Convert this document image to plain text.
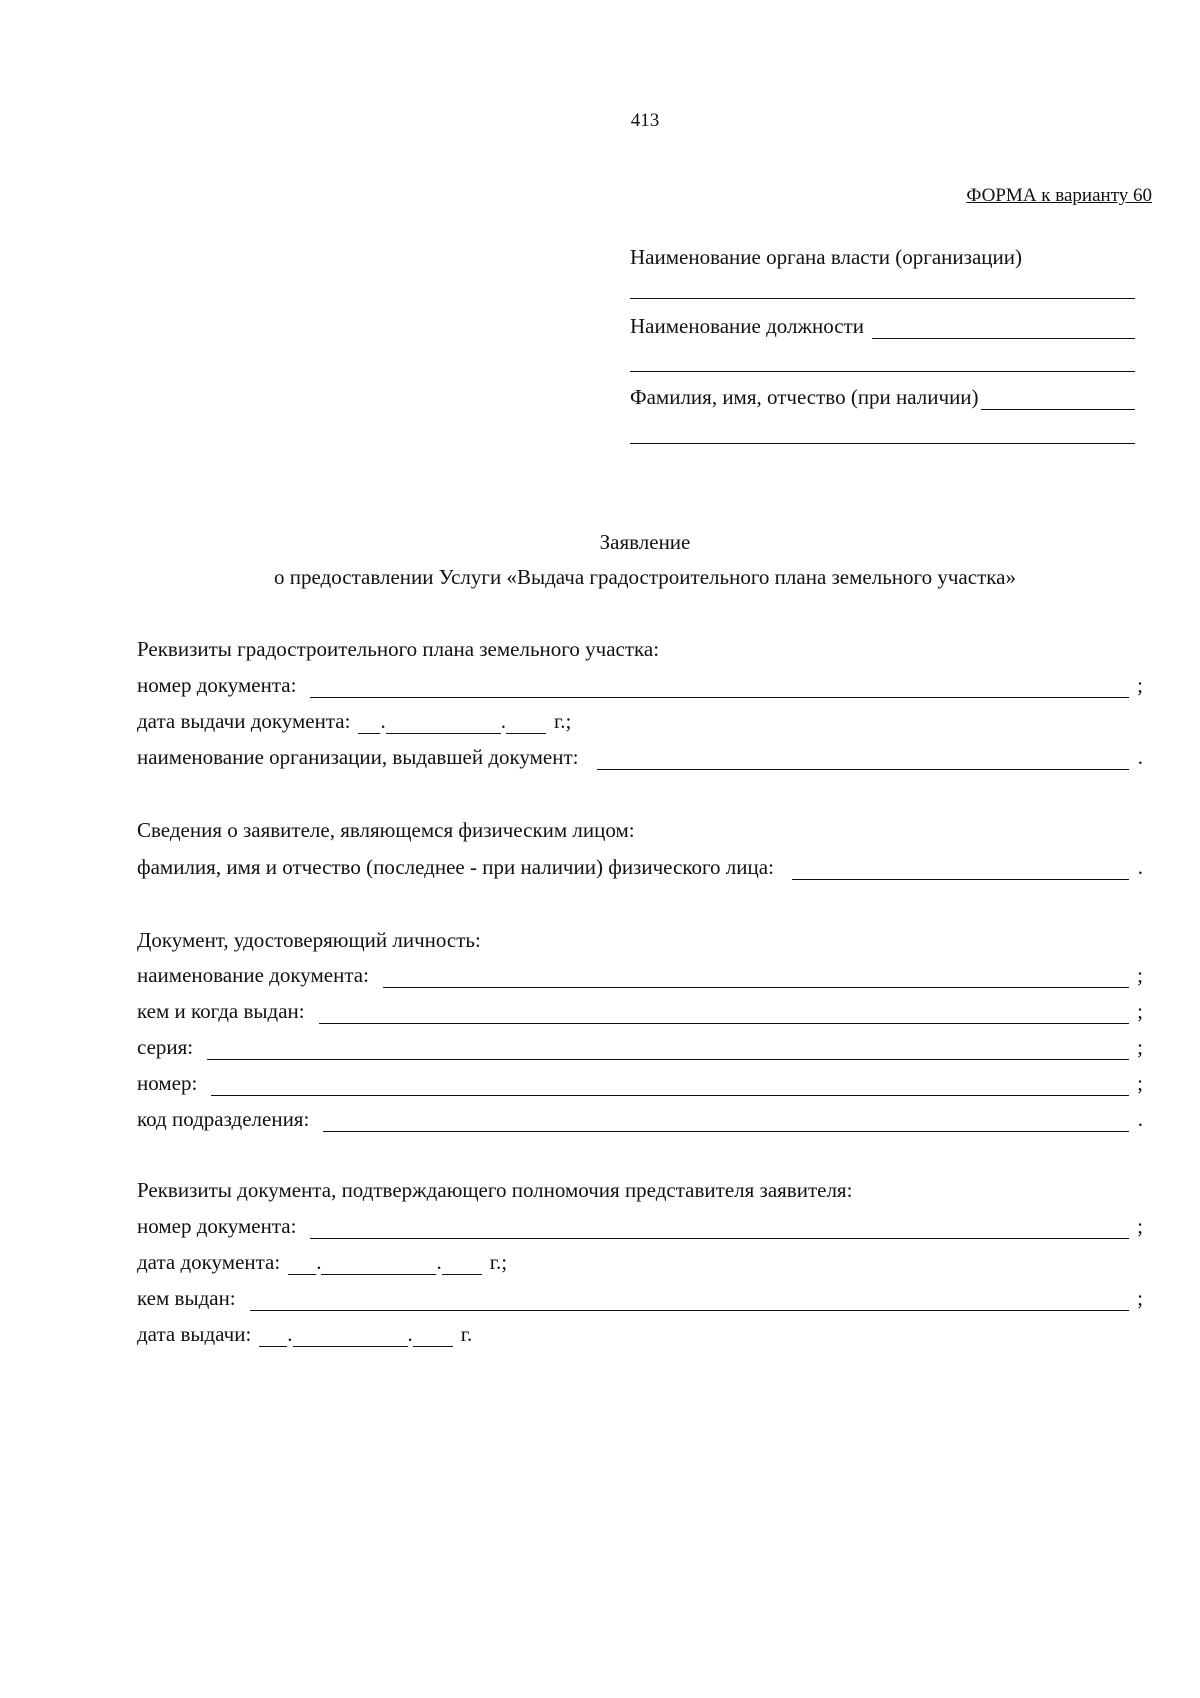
413
ФОРМА к варианту 60
Наименование органа власти (организации)
Наименование должности
Фамилия, имя, отчество (при наличии)
Заявление
о предоставлении Услуги «Выдача градостроительного плана земельного участка»
Реквизиты градостроительного плана земельного участка:
номер документа:	;
дата выдачи документа: .	. г.;
наименование организации, выдавшей документ:	.
Сведения о заявителе, являющемся физическим лицом:
фамилия, имя и отчество (последнее - при наличии) физического лица:	.
Документ, удостоверяющий личность:
наименование документа:	;
кем и когда выдан:	;
серия:	;
номер:	;
код подразделения:	.
Реквизиты документа, подтверждающего полномочия представителя заявителя:
номер документа:	;
дата документа: .	. г.;
кем выдан:	;
дата выдачи: .	. г.
